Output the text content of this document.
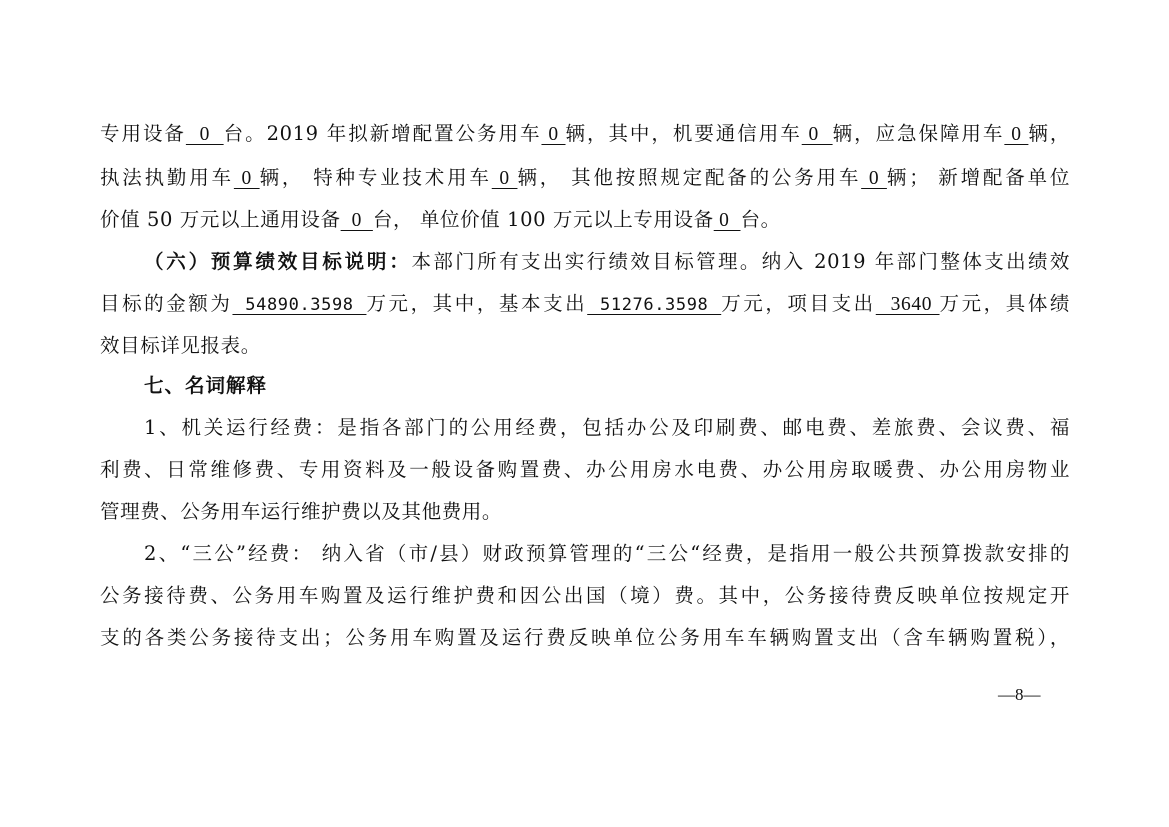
专用设备  0  台。2019 年拟新增配置公务用车 0 辆，其中，机要通信用车 0  辆，应急保障用车 0 辆，
执法执勤用车 0 辆， 特种专业技术用车 0 辆， 其他按照规定配备的公务用车 0 辆； 新增配备单位
价值 50 万元以上通用设备  0  台， 单位价值 100 万元以上专用设备 0  台。
（六）预算绩效目标说明：本部门所有支出实行绩效目标管理。纳入 2019 年部门整体支出绩效
目标的金额为 54890.3598 万元，其中，基本支出 51276.3598 万元，项目支出  3640 万元，具体绩
效目标详见报表。
七、名词解释
1、机关运行经费：是指各部门的公用经费，包括办公及印刷费、邮电费、差旅费、会议费、福
利费、日常维修费、专用资料及一般设备购置费、办公用房水电费、办公用房取暖费、办公用房物业
管理费、公务用车运行维护费以及其他费用。
2、“三公”经费： 纳入省（市/县）财政预算管理的“三公“经费，是指用一般公共预算拨款安排的
公务接待费、公务用车购置及运行维护费和因公出国（境）费。其中，公务接待费反映单位按规定开
支的各类公务接待支出；公务用车购置及运行费反映单位公务用车车辆购置支出（含车辆购置税），
—8—
